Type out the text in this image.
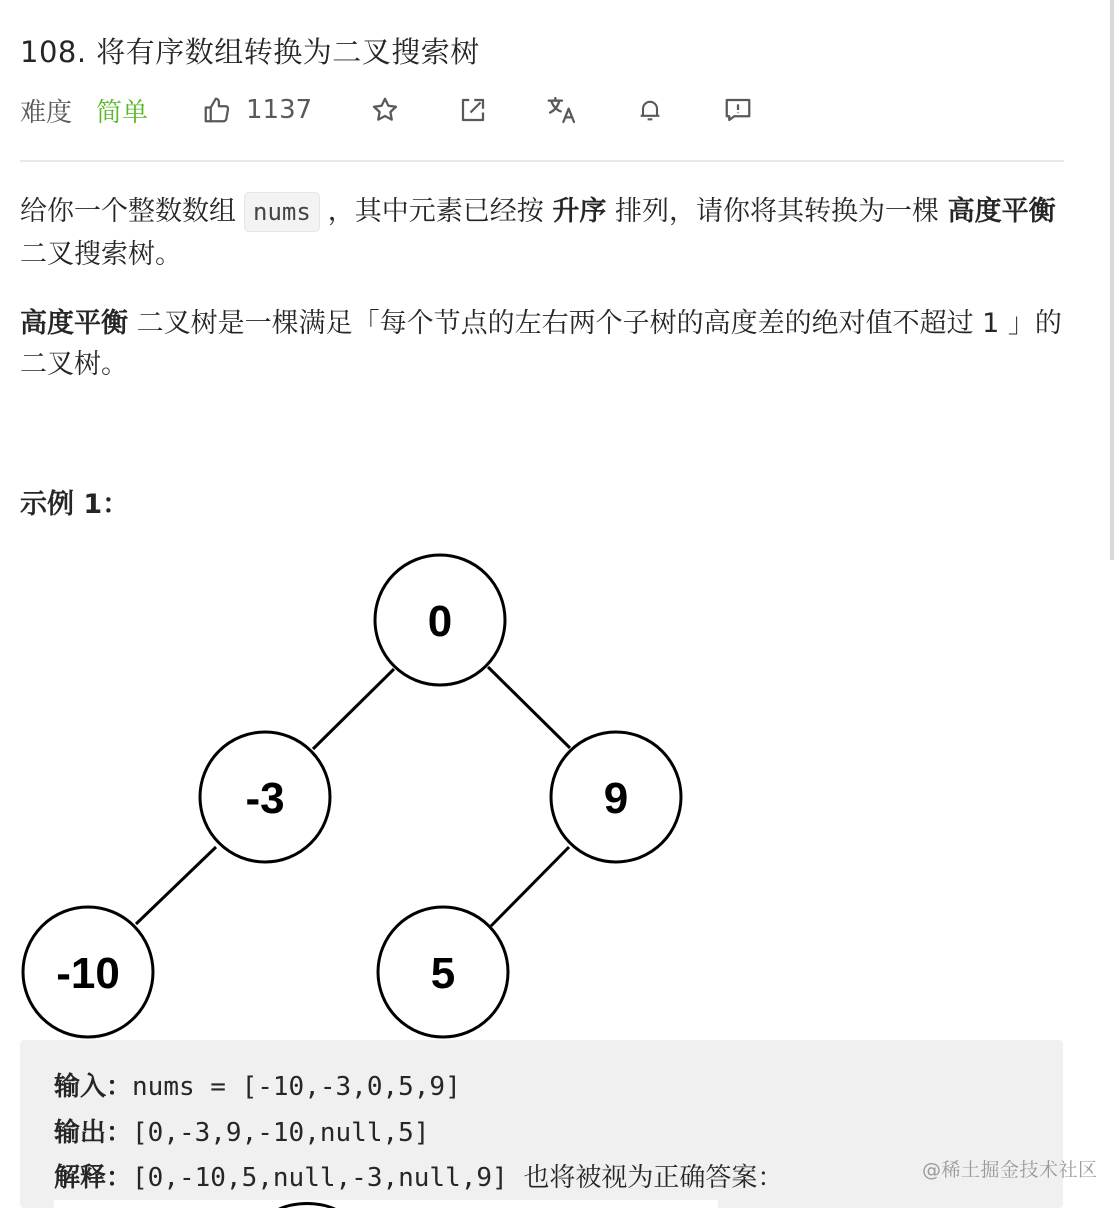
108. 将有序数组转换为二叉搜索树
难度 简单	1137
给你一个整数数组 nums ，其中元素已经按 升序 排列，请你将其转换为一棵 高度平衡 二叉搜索树。
高度平衡 二叉树是一棵满足「每个节点的左右两个子树的高度差的绝对值不超过 1 」的二叉树。
示例 1：
0
-3	9
-10	5
输入：nums = [-10,-3,0,5,9]
输出：[0,-3,9,-10,null,5]
解释：[0,-10,5,null,-3,null,9] 也将被视为正确答案：	@稀土掘金技术社区
